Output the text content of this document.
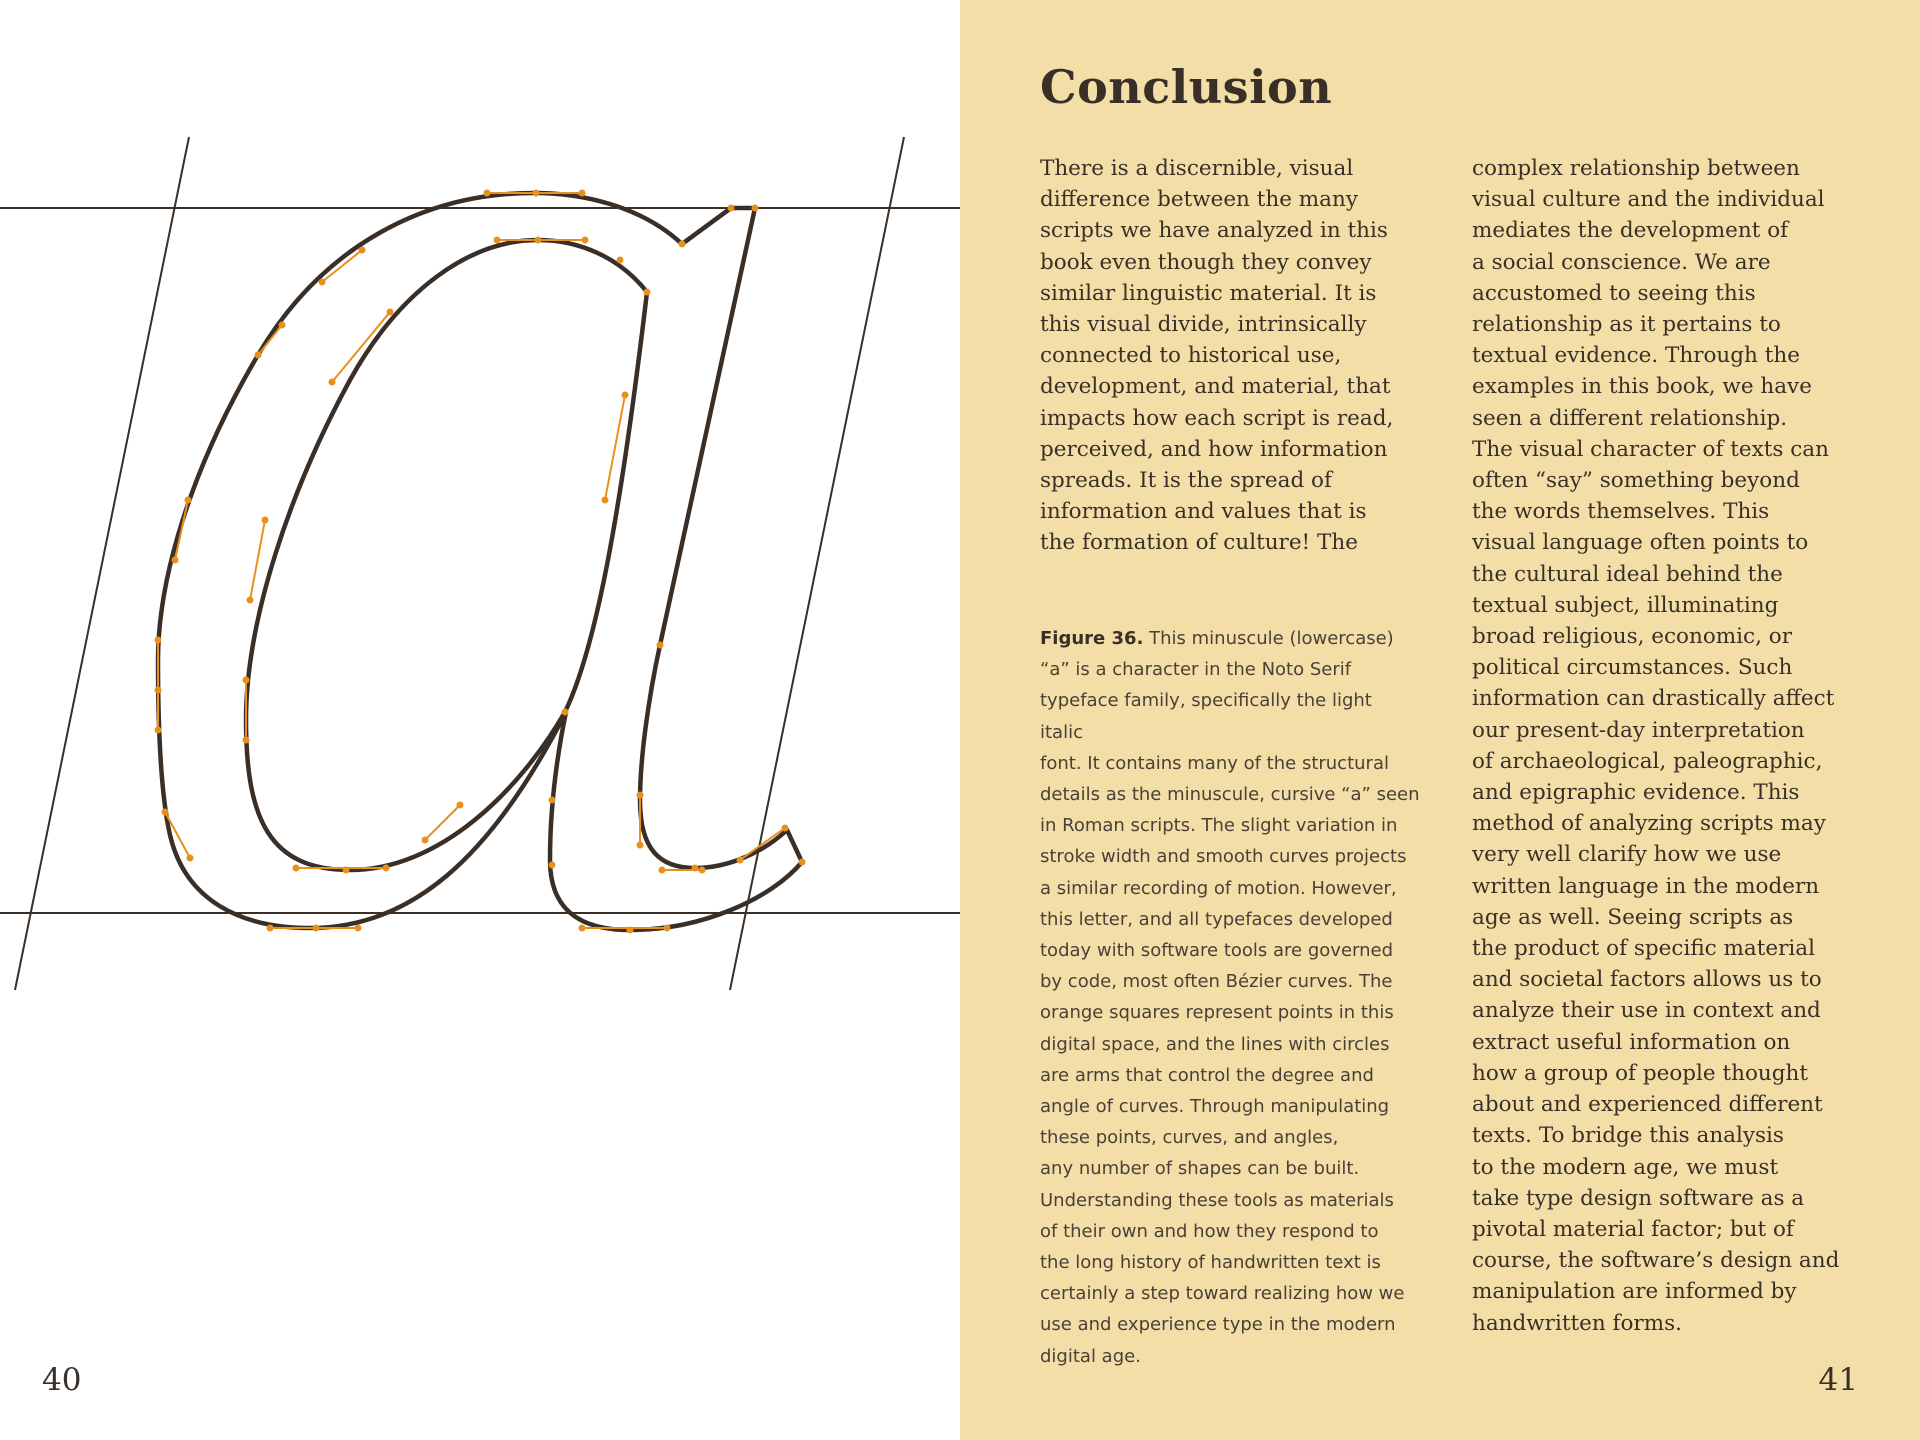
40
Conclusion

There is a discernible, visual
difference between the many
scripts we have analyzed in this
book even though they convey
similar linguistic material. It is
this visual divide, intrinsically
connected to historical use,
development, and material, that
impacts how each script is read,
perceived, and how information
spreads. It is the spread of
information and values that is
the formation of culture! The

Figure 36. This minuscule (lowercase)
“a” is a character in the Noto Serif
typeface family, specifically the light italic
font. It contains many of the structural
details as the minuscule, cursive “a” seen
in Roman scripts. The slight variation in
stroke width and smooth curves projects
a similar recording of motion. However,
this letter, and all typefaces developed
today with software tools are governed
by code, most often Bézier curves. The
orange squares represent points in this
digital space, and the lines with circles
are arms that control the degree and
angle of curves. Through manipulating
these points, curves, and angles,
any number of shapes can be built.
Understanding these tools as materials
of their own and how they respond to
the long history of handwritten text is
certainly a step toward realizing how we
use and experience type in the modern
digital age.

complex relationship between
visual culture and the individual
mediates the development of
a social conscience. We are
accustomed to seeing this
relationship as it pertains to
textual evidence. Through the
examples in this book, we have
seen a different relationship.
The visual character of texts can
often “say” something beyond
the words themselves. This
visual language often points to
the cultural ideal behind the
textual subject, illuminating
broad religious, economic, or
political circumstances. Such
information can drastically affect
our present-day interpretation
of archaeological, paleographic,
and epigraphic evidence. This
method of analyzing scripts may
very well clarify how we use
written language in the modern
age as well. Seeing scripts as
the product of specific material
and societal factors allows us to
analyze their use in context and
extract useful information on
how a group of people thought
about and experienced different
texts. To bridge this analysis
to the modern age, we must
take type design software as a
pivotal material factor; but of
course, the software’s design and
manipulation are informed by
handwritten forms.

41
